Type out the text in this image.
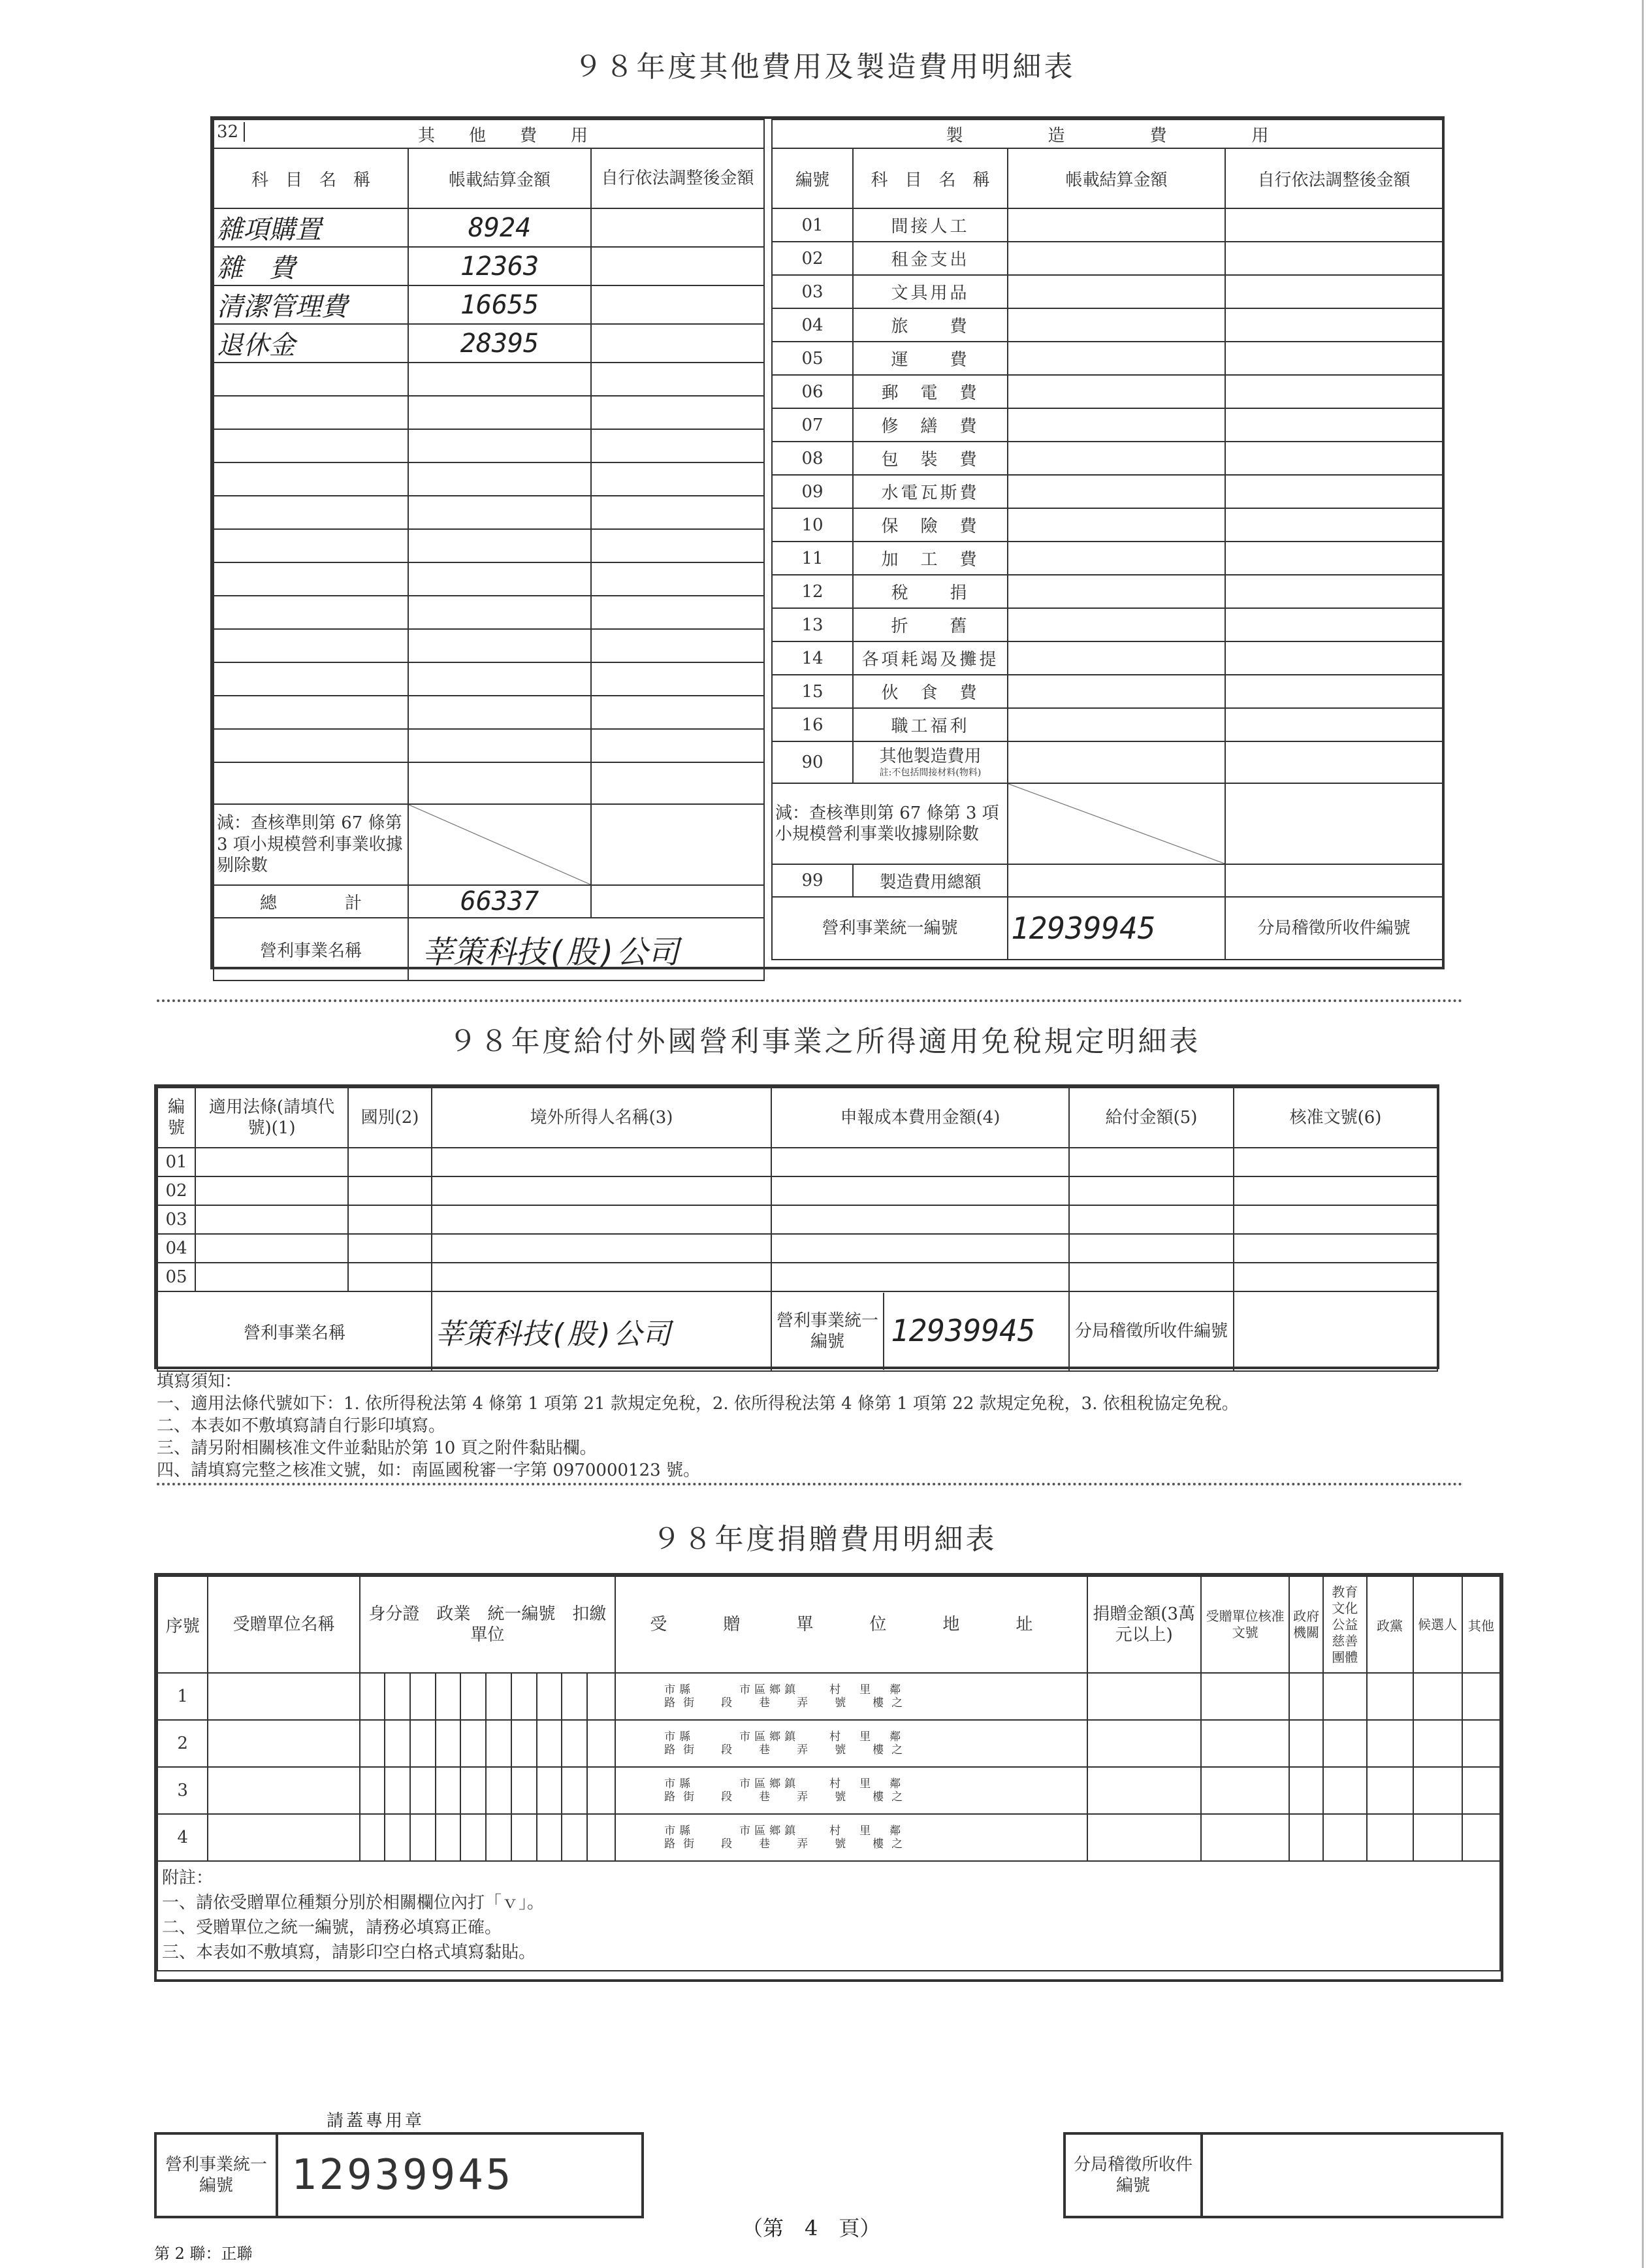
９８年度其他費用及製造費用明細表
32 其　　他　　費　　用		
科　目　名　稱	帳載結算金額	自行依法調整後金額
雜項購置	8924	
雜　費	12363	
清潔管理費	16655	
退休金	28395	

減：查核準則第 67 條第 3 項小規模營利事業收據剔除數		
總　　　　計	66337	
營利事業名稱	莘策科技(股)公司	
製　　　　　造　　　　　費　　　　　用			
編號	科　目　名　稱	帳載結算金額	自行依法調整後金額
01	間接人工		
02	租金支出		
03	文具用品		
04	旅　　費		
05	運　　費		
06	郵　電　費		
07	修　繕　費		
08	包　裝　費		
09	水電瓦斯費		
10	保　險　費		
11	加　工　費		
12	稅　　捐		
13	折　　舊		
14	各項耗竭及攤提		
15	伙　食　費		
16	職工福利		
90	其他製造費用
註:不包括間接材料(物料)		

減：查核準則第 67 條第 3 項小規模營利事業收據剔除數			
99	製造費用總額		
營利事業統一編號		12939945	分局稽徵所收件編號
９８年度給付外國營利事業之所得適用免稅規定明細表
編號	適用法條(請填代號)(1)	國別(2)	境外所得人名稱(3)	申報成本費用金額(4)	給付金額(5)	核准文號(6)
01						
02						
03						
04						
05						
營利事業名稱			莘策科技(股)公司	營利事業統一編號 12939945	分局稽徵所收件編號	
填寫須知：
一、適用法條代號如下：1. 依所得稅法第 4 條第 1 項第 21 款規定免稅，2. 依所得稅法第 4 條第 1 項第 22 款規定免稅，3. 依租稅協定免稅。
二、本表如不敷填寫請自行影印填寫。
三、請另附相關核准文件並黏貼於第 10 頁之附件黏貼欄。
四、請填寫完整之核准文號，如：南區國稅審一字第 0970000123 號。
９８年度捐贈費用明細表
序號	受贈單位名稱	身分證　政業　統一編號　扣繳單位										受　贈　單　位　地　址	捐贈金額(3萬元以上)	受贈單位核准文號	政府機關	教育文化公益慈善團體	政黨	候選人	其他
1												市縣　　　市區鄉鎮　　村　里　鄰
路街　段　巷　弄　號　樓之							

2												市縣　　　市區鄉鎮　　村　里　鄰
路街　段　巷　弄　號　樓之							

3												市縣　　　市區鄉鎮　　村　里　鄰
路街　段　巷　弄　號　樓之							

4												市縣　　　市區鄉鎮　　村　里　鄰
路街　段　巷　弄　號　樓之							

附註：
一、請依受贈單位種類分別於相關欄位內打「ｖ」。
二、受贈單位之統一編號，請務必填寫正確。
三、本表如不敷填寫，請影印空白格式填寫黏貼。																			
請蓋專用章
營利事業統一編號	12939945
（第　4　頁）
分局稽徵所收件編號	
第 2 聯：正聯
